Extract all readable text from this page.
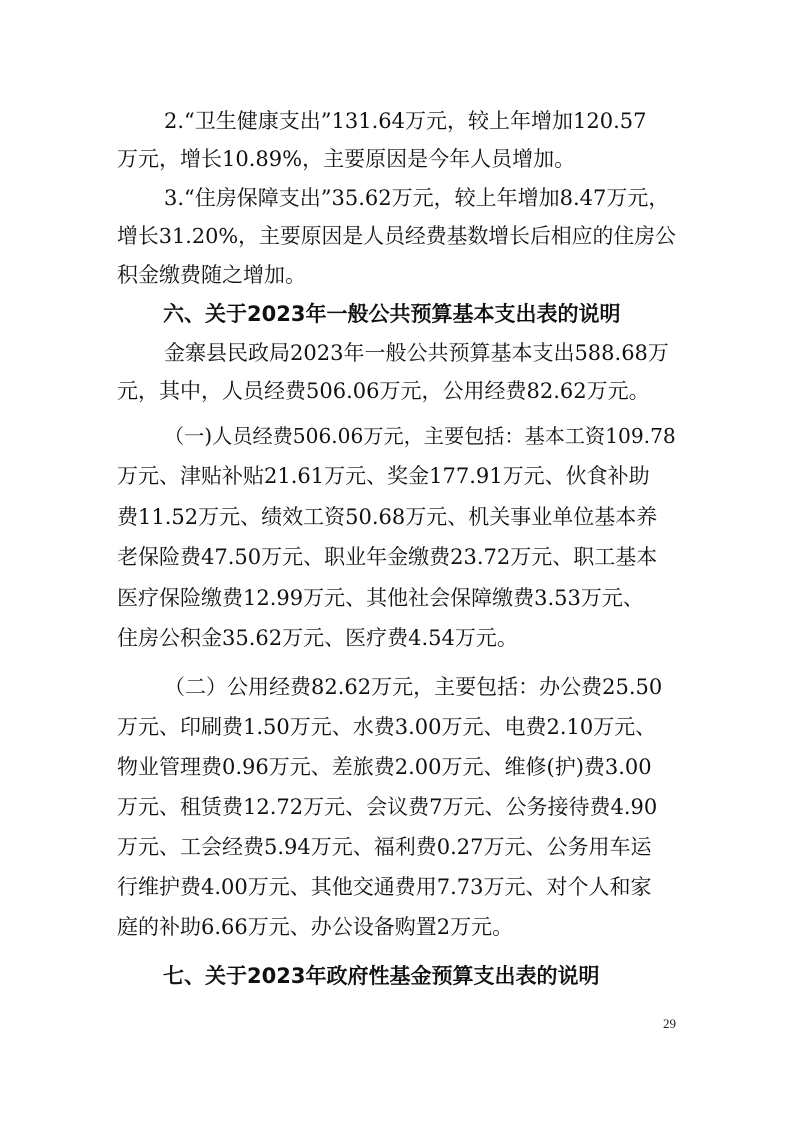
2.“卫生健康支出”131.64万元，较上年增加120.57
万元，增长10.89%，主要原因是今年人员增加。
3.“住房保障支出”35.62万元，较上年增加8.47万元，
增长31.20%，主要原因是人员经费基数增长后相应的住房公
积金缴费随之增加。
六、关于2023年一般公共预算基本支出表的说明
金寨县民政局2023年一般公共预算基本支出588.68万
元，其中，人员经费506.06万元，公用经费82.62万元。
（一)人员经费506.06万元，主要包括：基本工资109.78
万元、津贴补贴21.61万元、奖金177.91万元、伙食补助
费11.52万元、绩效工资50.68万元、机关事业单位基本养
老保险费47.50万元、职业年金缴费23.72万元、职工基本
医疗保险缴费12.99万元、其他社会保障缴费3.53万元、
住房公积金35.62万元、医疗费4.54万元。
（二）公用经费82.62万元，主要包括：办公费25.50
万元、印刷费1.50万元、水费3.00万元、电费2.10万元、
物业管理费0.96万元、差旅费2.00万元、维修(护)费3.00
万元、租赁费12.72万元、会议费7万元、公务接待费4.90
万元、工会经费5.94万元、福利费0.27万元、公务用车运
行维护费4.00万元、其他交通费用7.73万元、对个人和家
庭的补助6.66万元、办公设备购置2万元。
七、关于2023年政府性基金预算支出表的说明
29
